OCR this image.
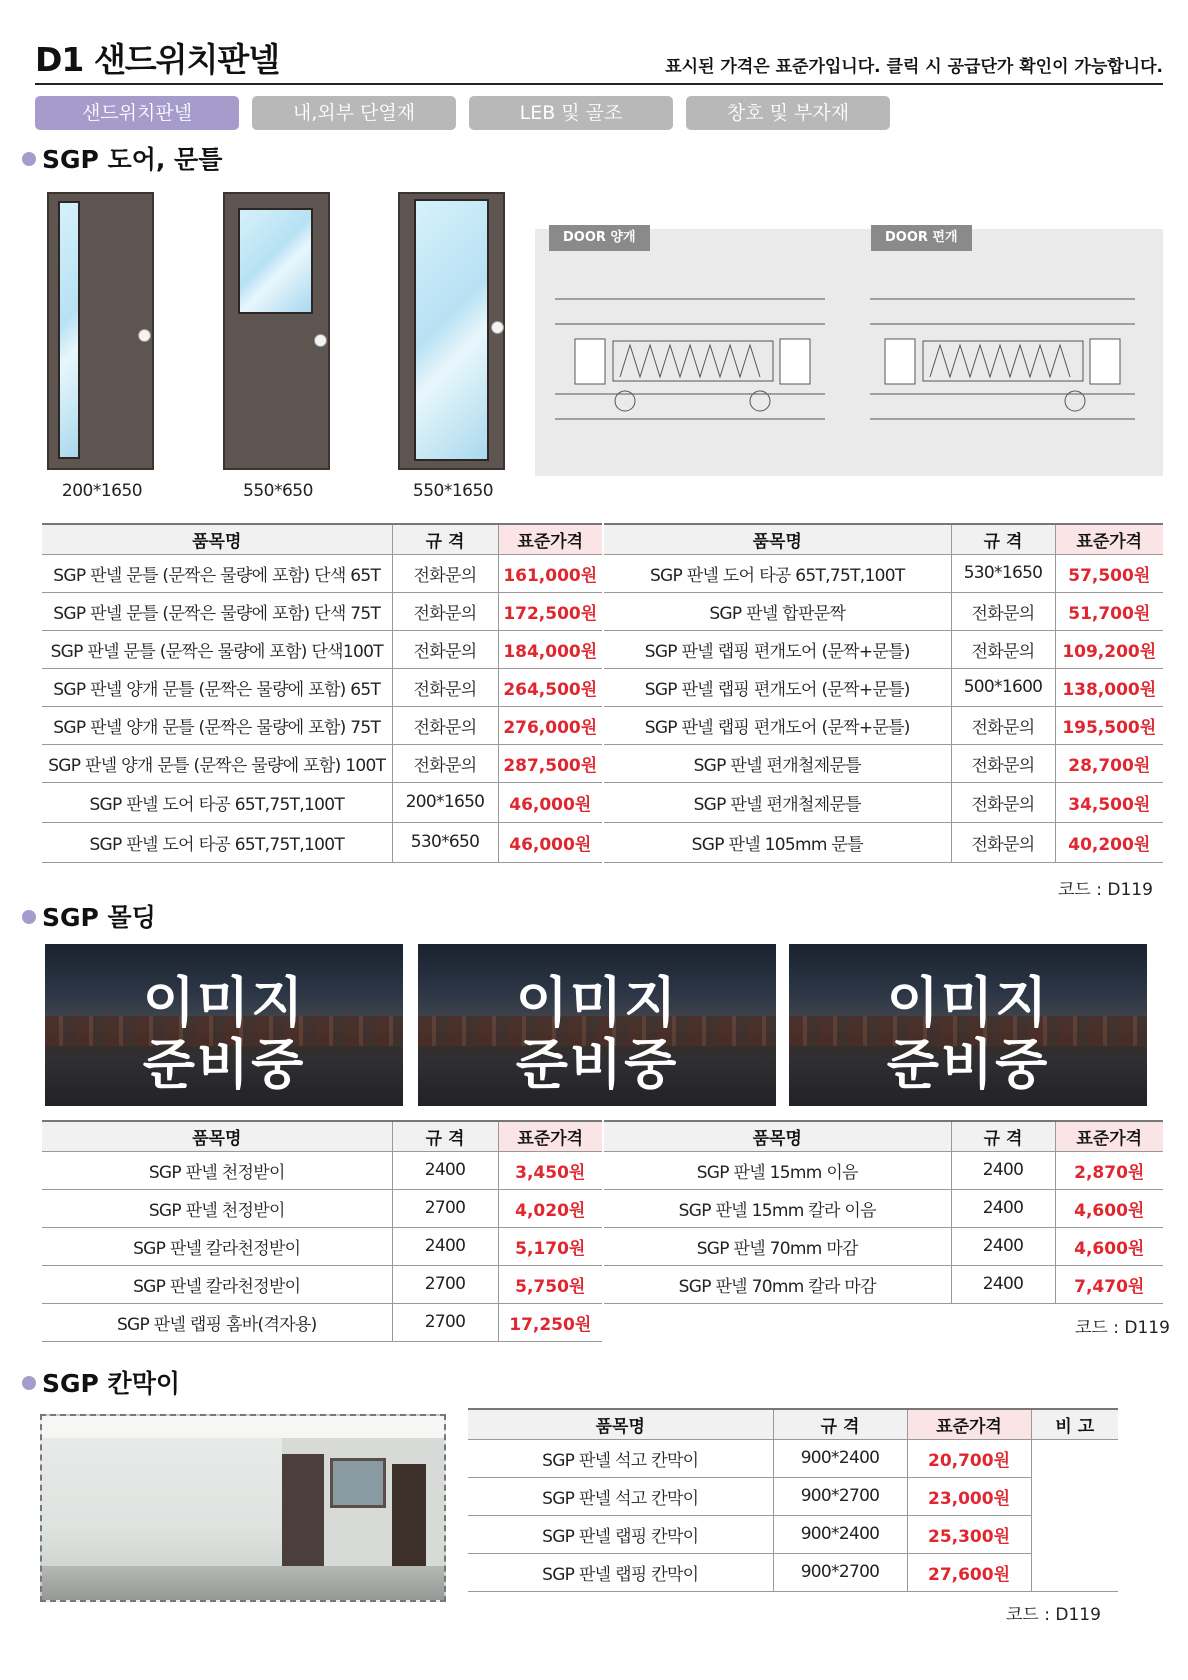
D1 샌드위치판넬	표시된 가격은 표준가입니다. 클릭 시 공급단가 확인이 가능합니다.
샌드위치판넬	내,외부 단열재	LEB 및 골조	창호 및 부자재
SGP 도어, 문틀
200*1650	550*650	550*1650
DOOR 양개	DOOR 편개
품목명	규 격	표준가격
SGP 판넬 문틀 (문짝은 물량에 포함) 단색 65T	전화문의	161,000원
SGP 판넬 문틀 (문짝은 물량에 포함) 단색 75T	전화문의	172,500원
SGP 판넬 문틀 (문짝은 물량에 포함) 단색100T	전화문의	184,000원
SGP 판넬 양개 문틀 (문짝은 물량에 포함) 65T	전화문의	264,500원
SGP 판넬 양개 문틀 (문짝은 물량에 포함) 75T	전화문의	276,000원
SGP 판넬 양개 문틀 (문짝은 물량에 포함) 100T	전화문의	287,500원
SGP 판넬 도어 타공 65T,75T,100T	200*1650	46,000원
SGP 판넬 도어 타공 65T,75T,100T	530*650	46,000원
품목명	규 격	표준가격
SGP 판넬 도어 타공 65T,75T,100T	530*1650	57,500원
SGP 판넬 합판문짝	전화문의	51,700원
SGP 판넬 랩핑 편개도어 (문짝+문틀)	전화문의	109,200원
SGP 판넬 랩핑 편개도어 (문짝+문틀)	500*1600	138,000원
SGP 판넬 랩핑 편개도어 (문짝+문틀)	전화문의	195,500원
SGP 판넬 편개철제문틀	전화문의	28,700원
SGP 판넬 편개철제문틀	전화문의	34,500원
SGP 판넬 105mm 문틀	전화문의	40,200원
코드 : D119
SGP 몰딩
이미지
준비중
이미지
준비중
이미지
준비중
품목명	규 격	표준가격
SGP 판넬 천정받이	2400	3,450원
SGP 판넬 천정받이	2700	4,020원
SGP 판넬 칼라천정받이	2400	5,170원
SGP 판넬 칼라천정받이	2700	5,750원
SGP 판넬 랩핑 홈바(격자용)	2700	17,250원
품목명	규 격	표준가격
SGP 판넬 15mm 이음	2400	2,870원
SGP 판넬 15mm 칼라 이음	2400	4,600원
SGP 판넬 70mm 마감	2400	4,600원
SGP 판넬 70mm 칼라 마감	2400	7,470원
코드 : D119
SGP 칸막이
품목명	규 격	표준가격	비 고
SGP 판넬 석고 칸막이	900*2400	20,700원	
SGP 판넬 석고 칸막이	900*2700	23,000원	
SGP 판넬 랩핑 칸막이	900*2400	25,300원	
SGP 판넬 랩핑 칸막이	900*2700	27,600원	
코드 : D119
